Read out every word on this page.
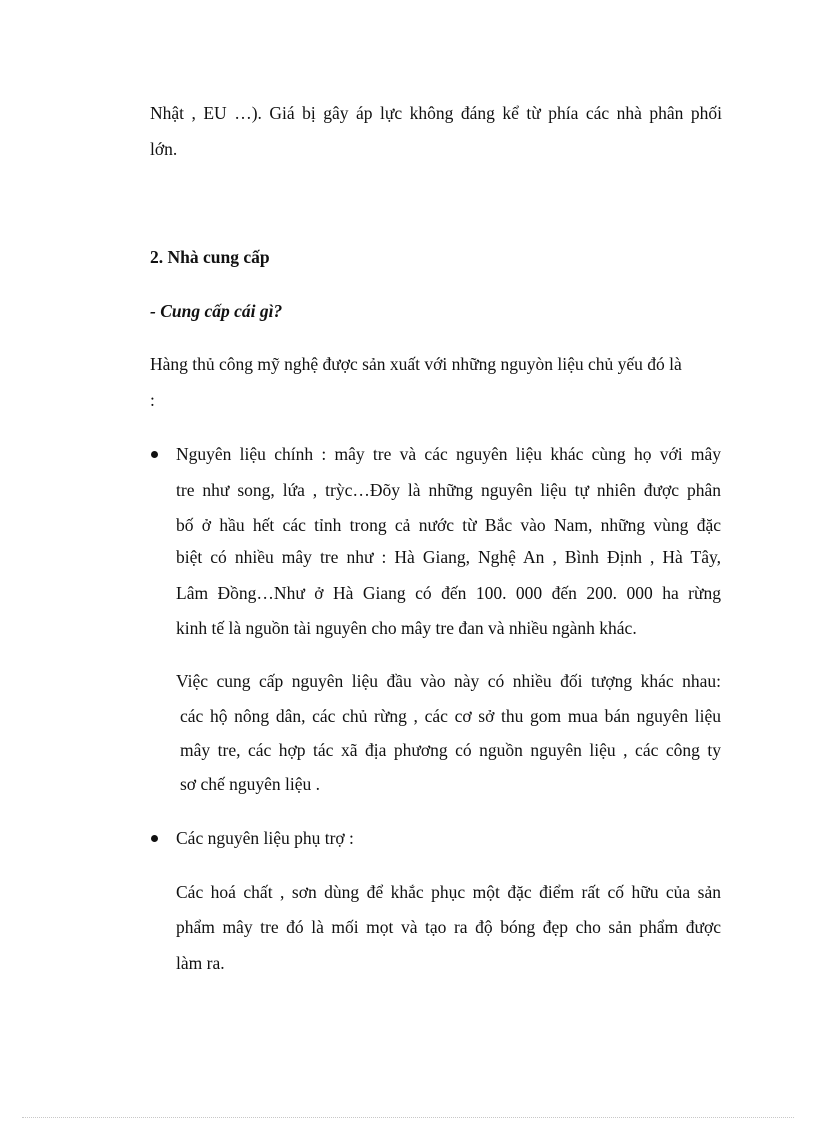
Nhật , EU …). Giá bị gây áp lực không đáng kể từ phía các nhà phân phối
lớn.
2. Nhà cung cấp
- Cung cấp cái gì?
Hàng thủ công mỹ nghệ được sản xuất với những nguyòn liệu chủ yếu đó là
:
Nguyên liệu chính : mây tre và các nguyên liệu khác cùng họ với mây
tre như song, lứa , trỳc…Đõy là những nguyên liệu tự nhiên được phân
bố ở hầu hết các tỉnh trong cả nước từ Bắc vào Nam, những vùng đặc
biệt có nhiều mây tre như : Hà Giang, Nghệ An , Bình Định , Hà Tây,
Lâm Đồng…Như ở Hà Giang có đến 100. 000 đến 200. 000 ha rừng
kinh tế là nguồn tài nguyên cho mây tre đan và nhiều ngành khác.
Việc cung cấp nguyên liệu đầu vào này có nhiều đối tượng khác nhau:
các hộ nông dân, các chủ rừng , các cơ sở thu gom mua bán nguyên liệu
mây tre, các hợp tác xã địa phương có nguồn nguyên liệu , các công ty
sơ chế nguyên liệu .
Các nguyên liệu phụ trợ :
Các hoá chất , sơn dùng để khắc phục một đặc điểm rất cố hữu của sản
phẩm mây tre đó là mối mọt và tạo ra độ bóng đẹp cho sản phẩm được
làm ra.
